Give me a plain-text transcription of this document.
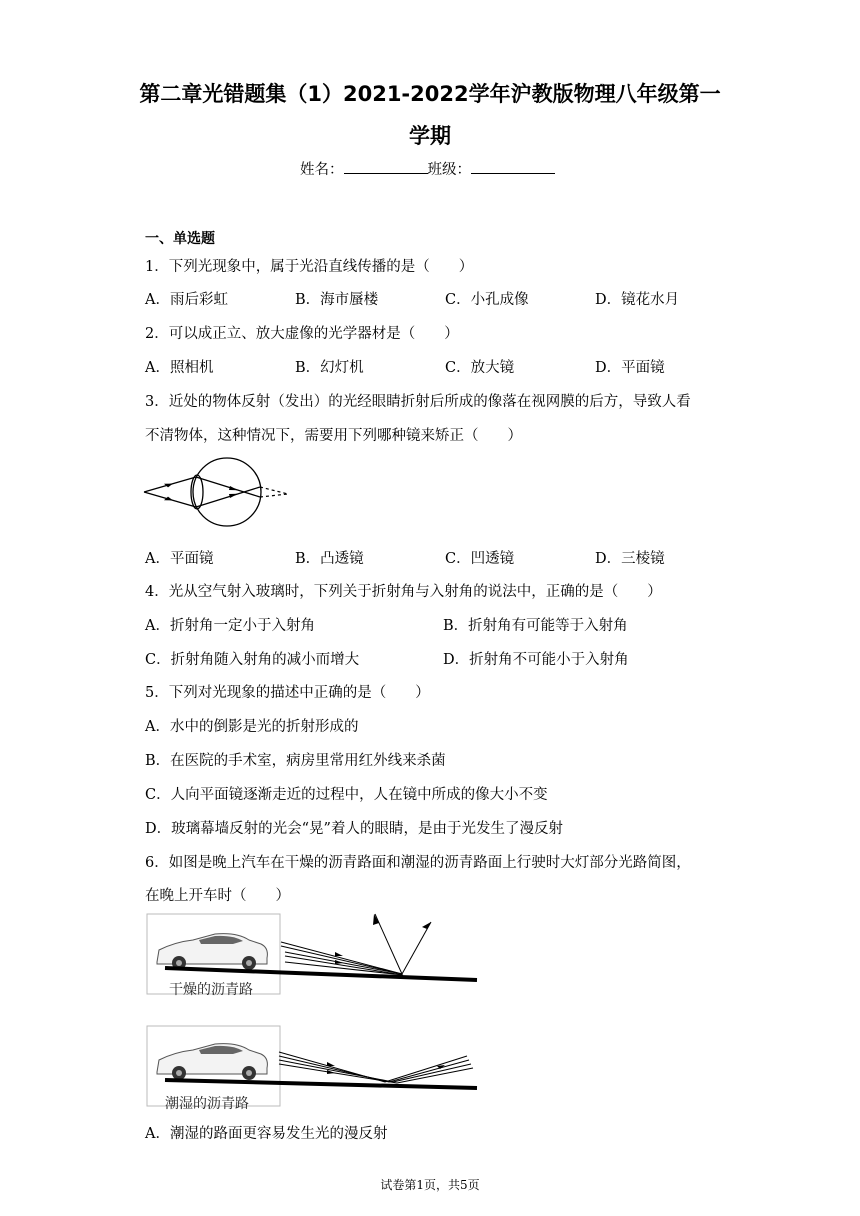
第二章光错题集（1）2021-2022学年沪教版物理八年级第一
学期
姓名：	班级：
一、单选题
1．下列光现象中，属于光沿直线传播的是（　　）
A．雨后彩虹	B．海市蜃楼	C．小孔成像	D．镜花水月
2．可以成正立、放大虚像的光学器材是（　　）
A．照相机	B．幻灯机	C．放大镜	D．平面镜
3．近处的物体反射（发出）的光经眼睛折射后所成的像落在视网膜的后方，导致人看
不清物体，这种情况下，需要用下列哪种镜来矫正（　　）
A．平面镜	B．凸透镜	C．凹透镜	D．三棱镜
4．光从空气射入玻璃时，下列关于折射角与入射角的说法中，正确的是（　　）
A．折射角一定小于入射角	B．折射角有可能等于入射角
C．折射角随入射角的减小而增大	D．折射角不可能小于入射角
5．下列对光现象的描述中正确的是（　　）
A．水中的倒影是光的折射形成的
B．在医院的手术室，病房里常用红外线来杀菌
C．人向平面镜逐渐走近的过程中，人在镜中所成的像大小不变
D．玻璃幕墙反射的光会“晃”着人的眼睛，是由于光发生了漫反射
6．如图是晚上汽车在干燥的沥青路面和潮湿的沥青路面上行驶时大灯部分光路简图，
在晚上开车时（　　）
干燥的沥青路
潮湿的沥青路
A．潮湿的路面更容易发生光的漫反射
试卷第1页，共5页
